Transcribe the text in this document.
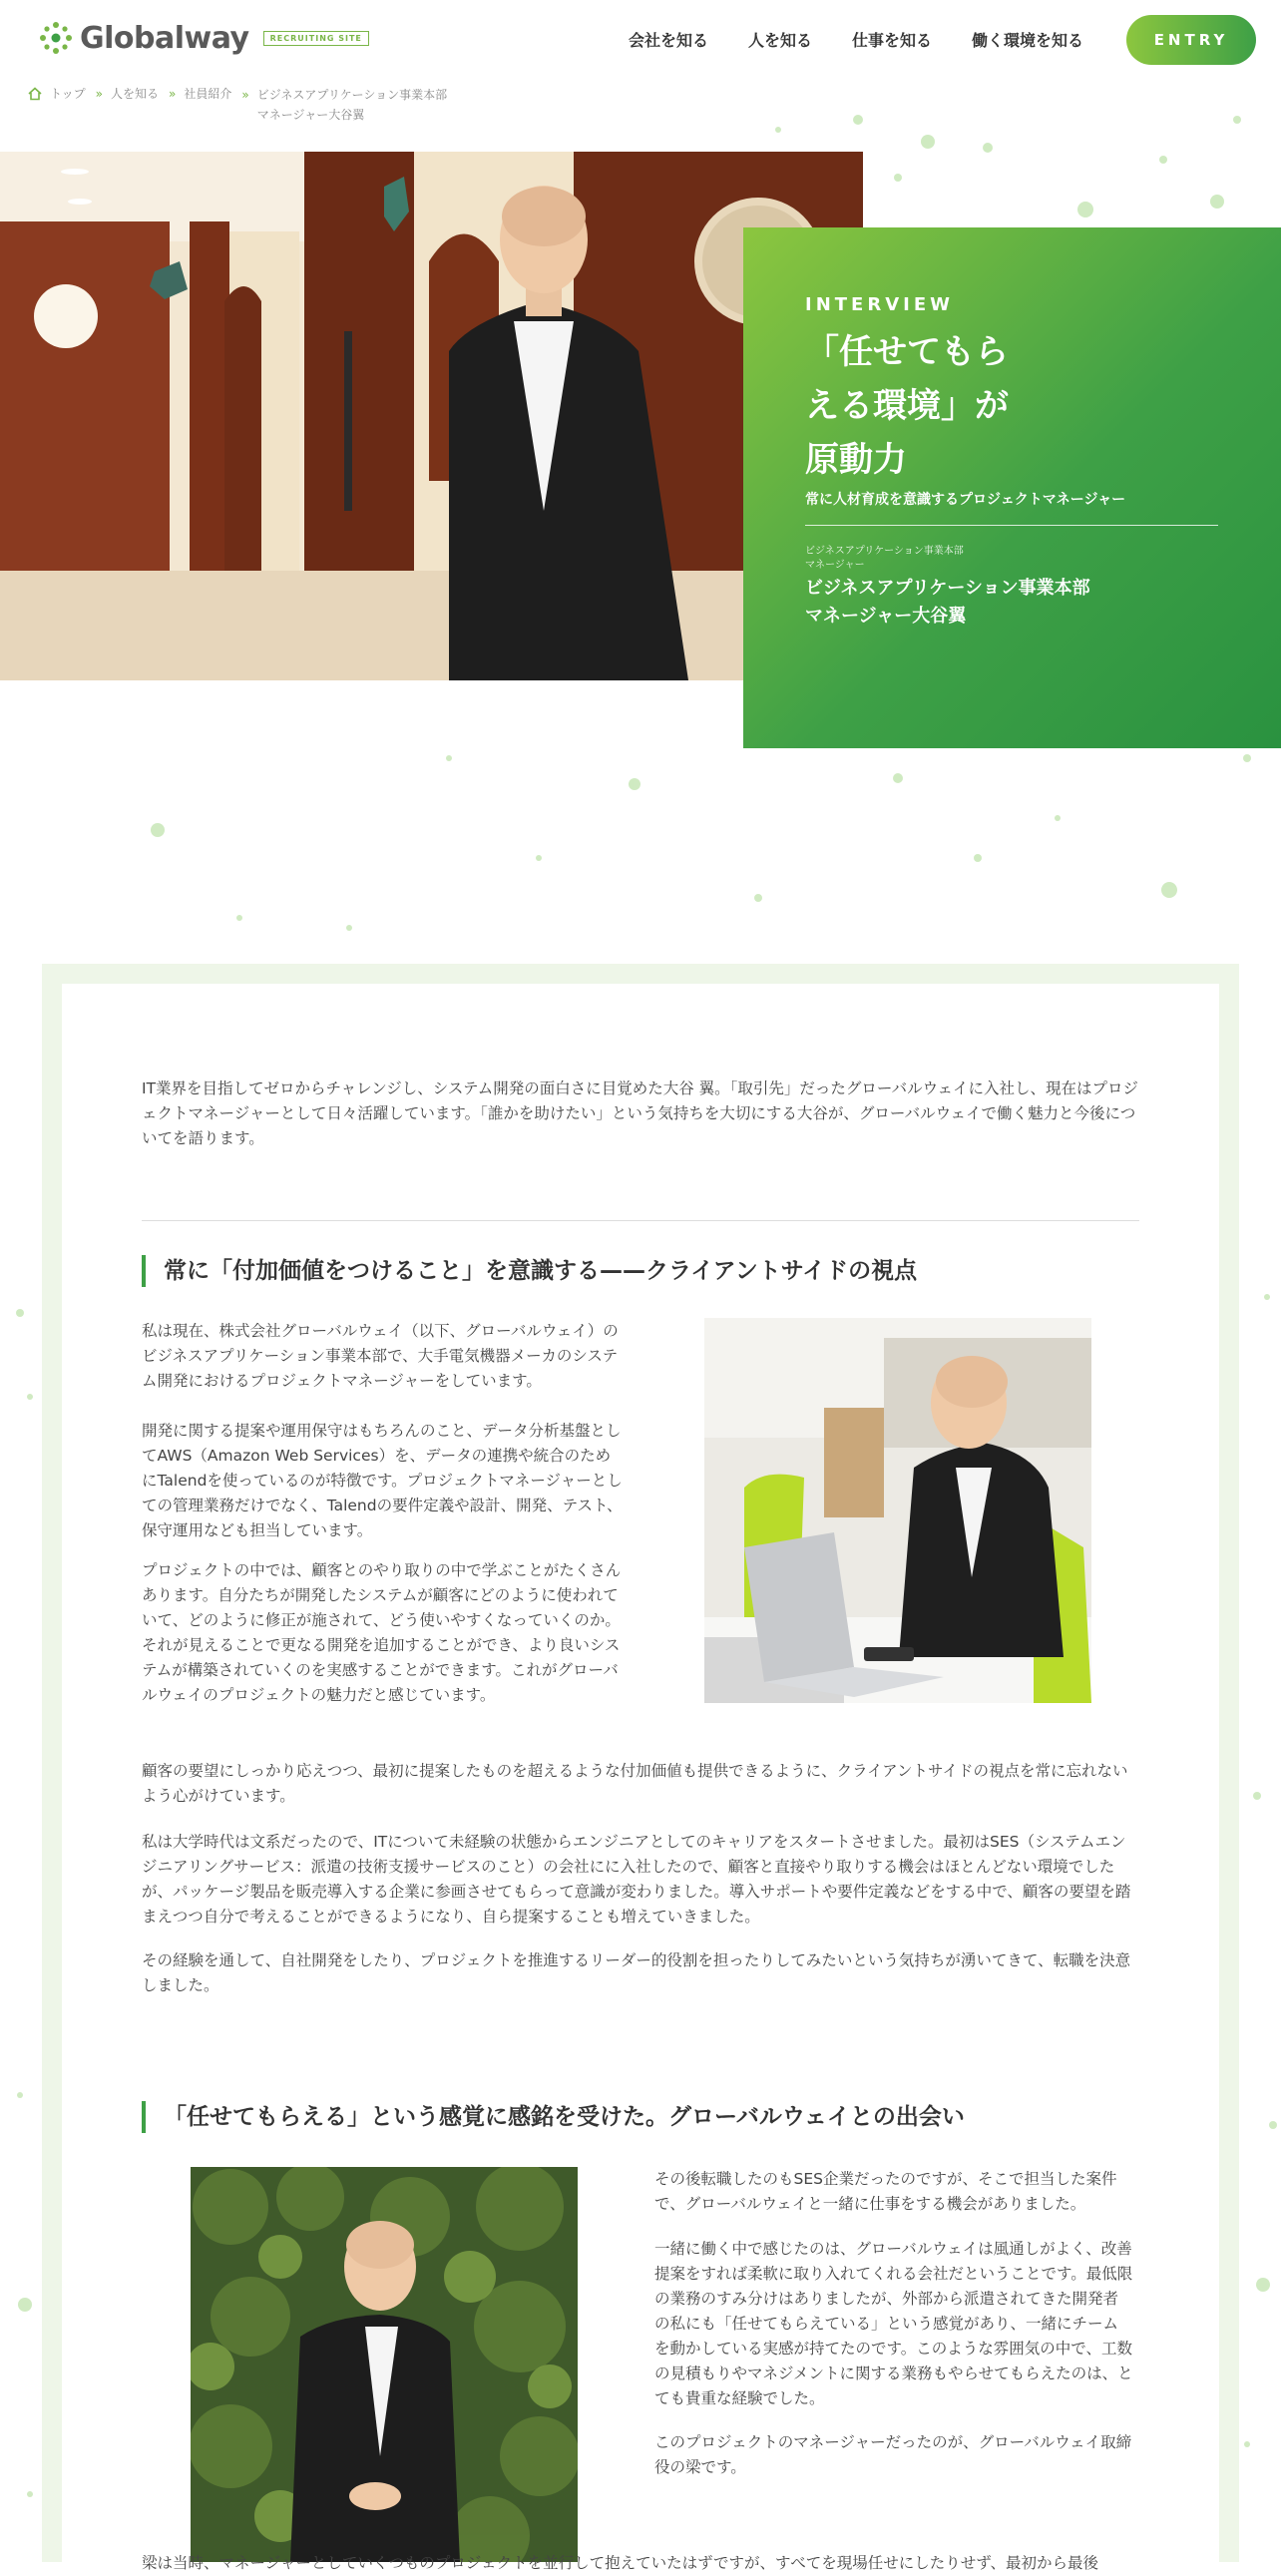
Globalway	RECRUITING SITE	会社を知る	人を知る	仕事を知る	働く環境を知る	ENTRY
トップ » 人を知る » 社員紹介 » ビジネスアプリケーション事業本部
マネージャー大谷翼
INTERVIEW
「任せてもら
える環境」が
原動力
常に人材育成を意識するプロジェクトマネージャー
ビジネスアプリケーション事業本部
マネージャー
ビジネスアプリケーション事業本部
マネージャー大谷翼

IT業界を目指してゼロからチャレンジし、システム開発の面白さに目覚めた大谷 翼。「取引先」だったグローバルウェイに入社し、現在はプロジェクトマネージャーとして日々活躍しています。「誰かを助けたい」という気持ちを大切にする大谷が、グローバルウェイで働く魅力と今後についてを語ります。

常に「付加価値をつけること」を意識する——クライアントサイドの視点

私は現在、株式会社グローバルウェイ（以下、グローバルウェイ）のビジネスアプリケーション事業本部で、大手電気機器メーカのシステム開発におけるプロジェクトマネージャーをしています。

開発に関する提案や運用保守はもちろんのこと、データ分析基盤としてAWS（Amazon Web Services）を、データの連携や統合のためにTalendを使っているのが特徴です。プロジェクトマネージャーとしての管理業務だけでなく、Talendの要件定義や設計、開発、テスト、保守運用なども担当しています。

プロジェクトの中では、顧客とのやり取りの中で学ぶことがたくさんあります。自分たちが開発したシステムが顧客にどのように使われていて、どのように修正が施されて、どう使いやすくなっていくのか。それが見えることで更なる開発を追加することができ、より良いシステムが構築されていくのを実感することができます。これがグローバルウェイのプロジェクトの魅力だと感じています。

顧客の要望にしっかり応えつつ、最初に提案したものを超えるような付加価値も提供できるように、クライアントサイドの視点を常に忘れないよう心がけています。

私は大学時代は文系だったので、ITについて未経験の状態からエンジニアとしてのキャリアをスタートさせました。最初はSES（システムエンジニアリングサービス：派遣の技術支援サービスのこと）の会社にに入社したので、顧客と直接やり取りする機会はほとんどない環境でしたが、パッケージ製品を販売導入する企業に参画させてもらって意識が変わりました。導入サポートや要件定義などをする中で、顧客の要望を踏まえつつ自分で考えることができるようになり、自ら提案することも増えていきました。

その経験を通して、自社開発をしたり、プロジェクトを推進するリーダー的役割を担ったりしてみたいという気持ちが湧いてきて、転職を決意しました。

「任せてもらえる」という感覚に感銘を受けた。グローバルウェイとの出会い

その後転職したのもSES企業だったのですが、そこで担当した案件で、グローバルウェイと一緒に仕事をする機会がありました。

一緒に働く中で感じたのは、グローバルウェイは風通しがよく、改善提案をすれば柔軟に取り入れてくれる会社だということです。最低限の業務のすみ分けはありましたが、外部から派遣されてきた開発者の私にも「任せてもらえている」という感覚があり、一緒にチームを動かしている実感が持てたのです。このような雰囲気の中で、工数の見積もりやマネジメントに関する業務もやらせてもらえたのは、とても貴重な経験でした。

このプロジェクトのマネージャーだったのが、グローバルウェイ取締役の梁です。

梁は当時、マネージャーとしていくつものプロジェクトを並行して抱えていたはずですが、すべてを現場任せにしたりせず、最初から最後
